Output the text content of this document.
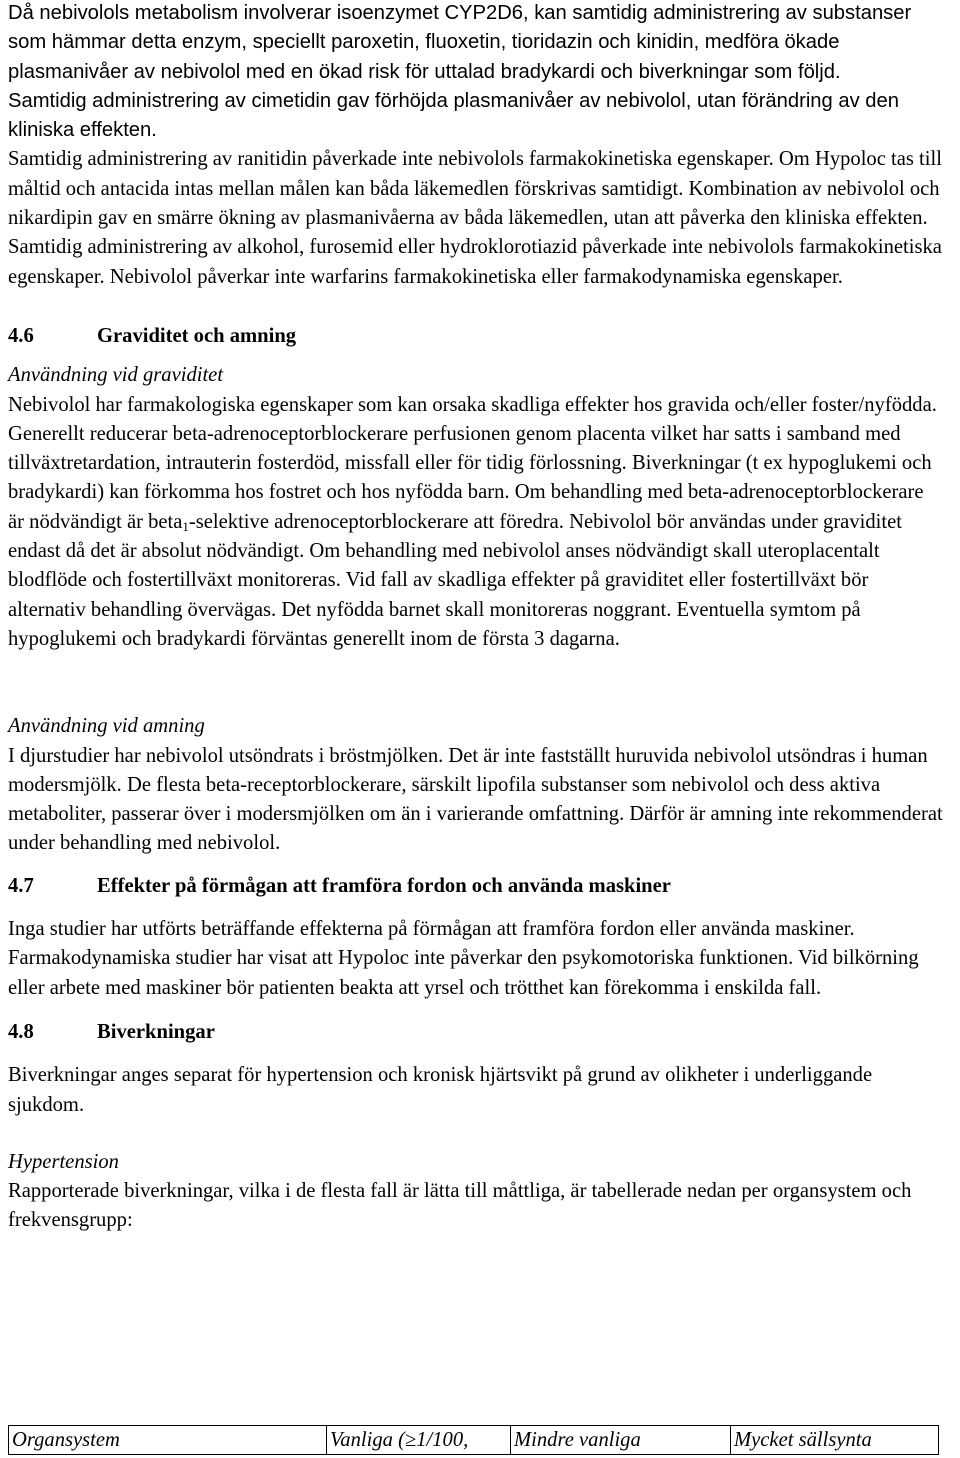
Då nebivolols metabolism involverar isoenzymet CYP2D6, kan samtidig administrering av substanser som hämmar detta enzym, speciellt paroxetin, fluoxetin, tioridazin och kinidin, medföra ökade plasmanivåer av nebivolol med en ökad risk för uttalad bradykardi och biverkningar som följd.

Samtidig administrering av cimetidin gav förhöjda plasmanivåer av nebivolol, utan förändring av den kliniska effekten.

Samtidig administrering av ranitidin påverkade inte nebivolols farmakokinetiska egenskaper. Om Hypoloc tas till måltid och antacida intas mellan målen kan båda läkemedlen förskrivas samtidigt. Kombination av nebivolol och nikardipin gav en smärre ökning av plasmanivåerna av båda läkemedlen, utan att påverka den kliniska effekten. Samtidig administrering av alkohol, furosemid eller hydroklorotiazid påverkade inte nebivolols farmakokinetiska egenskaper. Nebivolol påverkar inte warfarins farmakokinetiska eller farmakodynamiska egenskaper.

4.6	Graviditet och amning

Användning vid graviditet

Nebivolol har farmakologiska egenskaper som kan orsaka skadliga effekter hos gravida och/eller foster/nyfödda. Generellt reducerar beta-adrenoceptorblockerare perfusionen genom placenta vilket har satts i samband med tillväxtretardation, intrauterin fosterdöd, missfall eller för tidig förlossning. Biverkningar (t ex hypoglukemi och bradykardi) kan förkomma hos fostret och hos nyfödda barn. Om behandling med beta-adrenoceptorblockerare är nödvändigt är beta$_1$-selektive adrenoceptorblockerare att föredra. Nebivolol bör användas under graviditet endast då det är absolut nödvändigt. Om behandling med nebivolol anses nödvändigt skall uteroplacentalt blodflöde och fostertillväxt monitoreras. Vid fall av skadliga effekter på graviditet eller fostertillväxt bör alternativ behandling övervägas. Det nyfödda barnet skall monitoreras noggrant. Eventuella symtom på hypoglukemi och bradykardi förväntas generellt inom de första 3 dagarna.

Användning vid amning

I djurstudier har nebivolol utsöndrats i bröstmjölken. Det är inte fastställt huruvida nebivolol utsöndras i human modersmjölk. De flesta beta-receptorblockerare, särskilt lipofila substanser som nebivolol och dess aktiva metaboliter, passerar över i modersmjölken om än i varierande omfattning. Därför är amning inte rekommenderat under behandling med nebivolol.

4.7	Effekter på förmågan att framföra fordon och använda maskiner

Inga studier har utförts beträffande effekterna på förmågan att framföra fordon eller använda maskiner. Farmakodynamiska studier har visat att Hypoloc inte påverkar den psykomotoriska funktionen. Vid bilkörning eller arbete med maskiner bör patienten beakta att yrsel och trötthet kan förekomma i enskilda fall.

4.8	Biverkningar

Biverkningar anges separat för hypertension och kronisk hjärtsvikt på grund av olikheter i underliggande sjukdom.

Hypertension

Rapporterade biverkningar, vilka i de flesta fall är lätta till måttliga, är tabellerade nedan per organsystem och frekvensgrupp:

Organsystem	Vanliga (≥1/100,	Mindre vanliga	Mycket sällsynta
